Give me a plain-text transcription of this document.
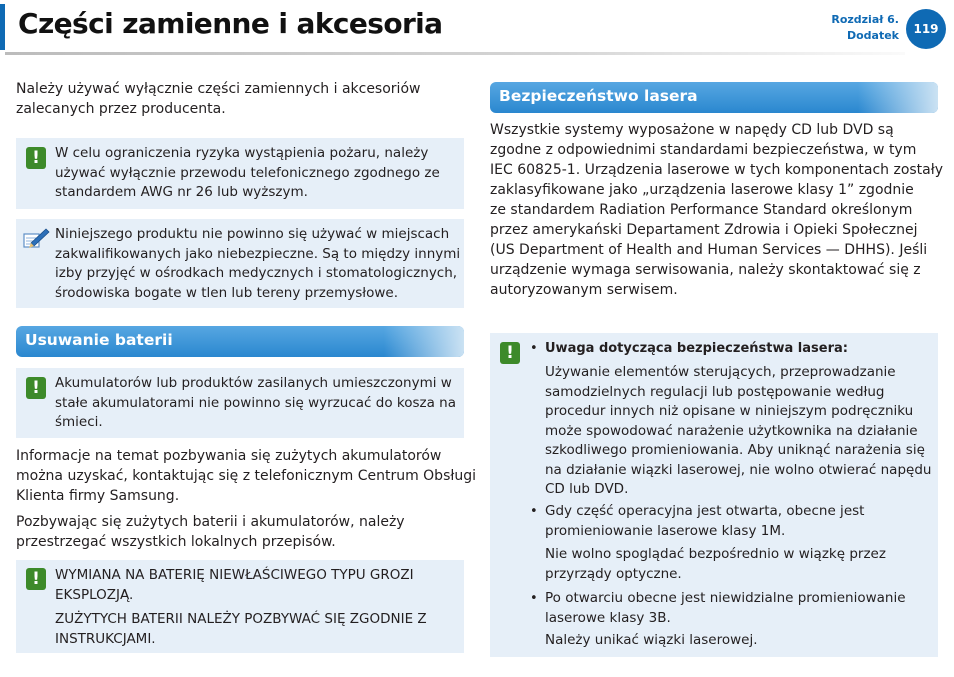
Części zamienne i akcesoria	Rozdział 6.
Dodatek	119
Należy używać wyłącznie części zamiennych i akcesoriów
zalecanych przez producenta.
!	W celu ograniczenia ryzyka wystąpienia pożaru, należy
używać wyłącznie przewodu telefonicznego zgodnego ze
standardem AWG nr 26 lub wyższym.
Niniejszego produktu nie powinno się używać w miejscach
zakwalifikowanych jako niebezpieczne. Są to między innymi
izby przyjęć w ośrodkach medycznych i stomatologicznych,
środowiska bogate w tlen lub tereny przemysłowe.
Usuwanie baterii
!	Akumulatorów lub produktów zasilanych umieszczonymi w
stałe akumulatorami nie powinno się wyrzucać do kosza na
śmieci.
Informacje na temat pozbywania się zużytych akumulatorów
można uzyskać, kontaktując się z telefonicznym Centrum Obsługi
Klienta firmy Samsung.
Pozbywając się zużytych baterii i akumulatorów, należy
przestrzegać wszystkich lokalnych przepisów.
!	WYMIANA NA BATERIĘ NIEWŁAŚCIWEGO TYPU GROZI
EKSPLOZJĄ.
ZUŻYTYCH BATERII NALEŻY POZBYWAĆ SIĘ ZGODNIE Z
INSTRUKCJAMI.
Bezpieczeństwo lasera
Wszystkie systemy wyposażone w napędy CD lub DVD są
zgodne z odpowiednimi standardami bezpieczeństwa, w tym
IEC 60825-1. Urządzenia laserowe w tych komponentach zostały
zaklasyfikowane jako „urządzenia laserowe klasy 1” zgodnie
ze standardem Radiation Performance Standard określonym
przez amerykański Departament Zdrowia i Opieki Społecznej
(US Department of Health and Human Services — DHHS). Jeśli
urządzenie wymaga serwisowania, należy skontaktować się z
autoryzowanym serwisem.
!	• Uwaga dotycząca bezpieczeństwa lasera:
Używanie elementów sterujących, przeprowadzanie
samodzielnych regulacji lub postępowanie według
procedur innych niż opisane w niniejszym podręczniku
może spowodować narażenie użytkownika na działanie
szkodliwego promieniowania. Aby uniknąć narażenia się
na działanie wiązki laserowej, nie wolno otwierać napędu
CD lub DVD.
• Gdy część operacyjna jest otwarta, obecne jest
promieniowanie laserowe klasy 1M.
Nie wolno spoglądać bezpośrednio w wiązkę przez
przyrządy optyczne.
• Po otwarciu obecne jest niewidzialne promieniowanie
laserowe klasy 3B.
Należy unikać wiązki laserowej.
